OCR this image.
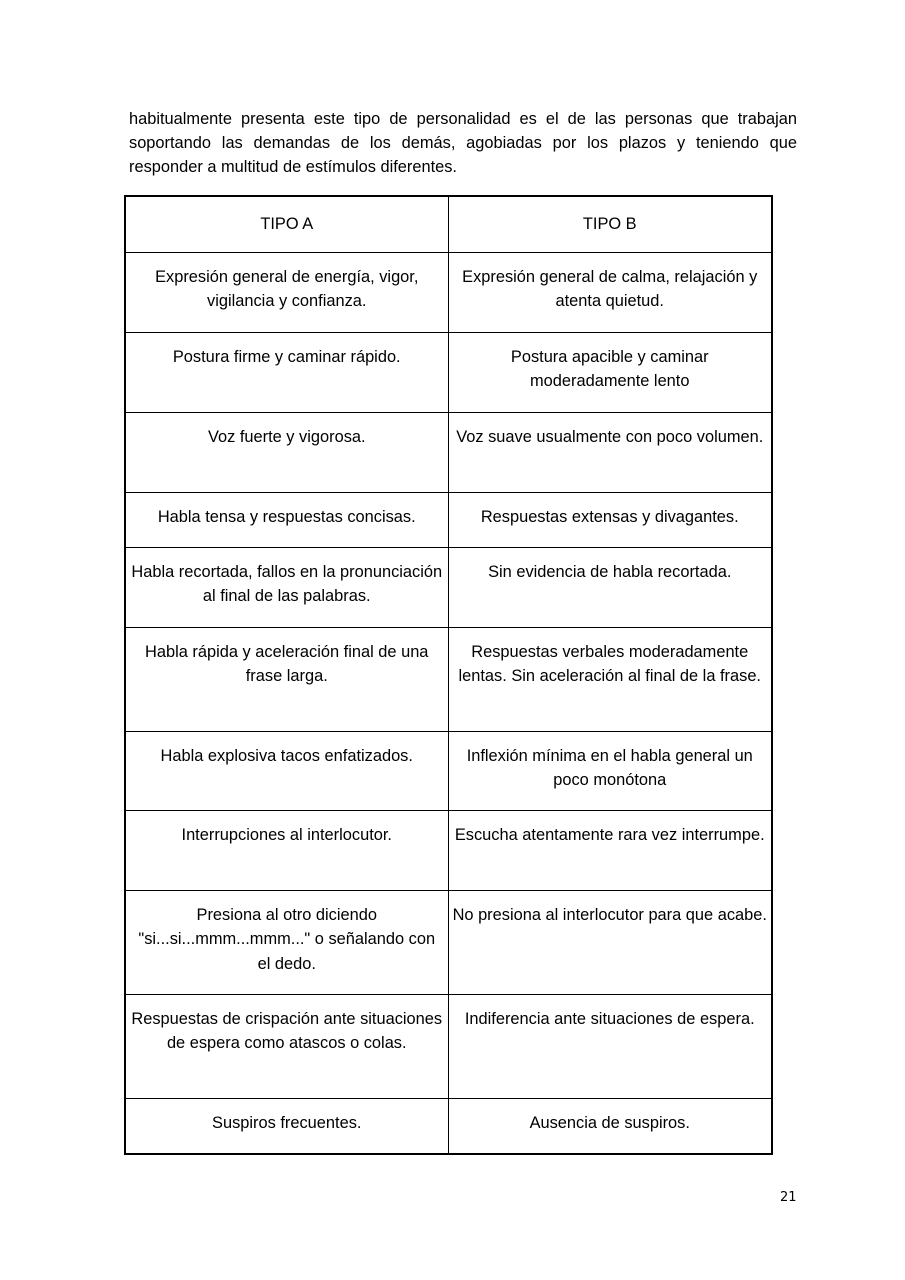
habitualmente presenta este tipo de personalidad es el de las personas que trabajan soportando las demandas de los demás, agobiadas por los plazos y teniendo que responder a multitud de estímulos diferentes.

TIPO A	TIPO B
Expresión general de energía, vigor, vigilancia y confianza.	Expresión general de calma, relajación y atenta quietud.
Postura firme y caminar rápido.	Postura apacible y caminar moderadamente lento
Voz fuerte y vigorosa.	Voz suave usualmente con poco volumen.
Habla tensa y respuestas concisas.	Respuestas extensas y divagantes.
Habla recortada, fallos en la pronunciación al final de las palabras.	Sin evidencia de habla recortada.
Habla rápida y aceleración final de una frase larga.	Respuestas verbales moderadamente lentas. Sin aceleración al final de la frase.
Habla explosiva tacos enfatizados.	Inflexión mínima en el habla general un poco monótona
Interrupciones al interlocutor.	Escucha atentamente rara vez interrumpe.
Presiona al otro diciendo "si...si...mmm...mmm..." o señalando con el dedo.	No presiona al interlocutor para que acabe.
Respuestas de crispación ante situaciones de espera como atascos o colas.	Indiferencia ante situaciones de espera.
Suspiros frecuentes.	Ausencia de suspiros.
21
